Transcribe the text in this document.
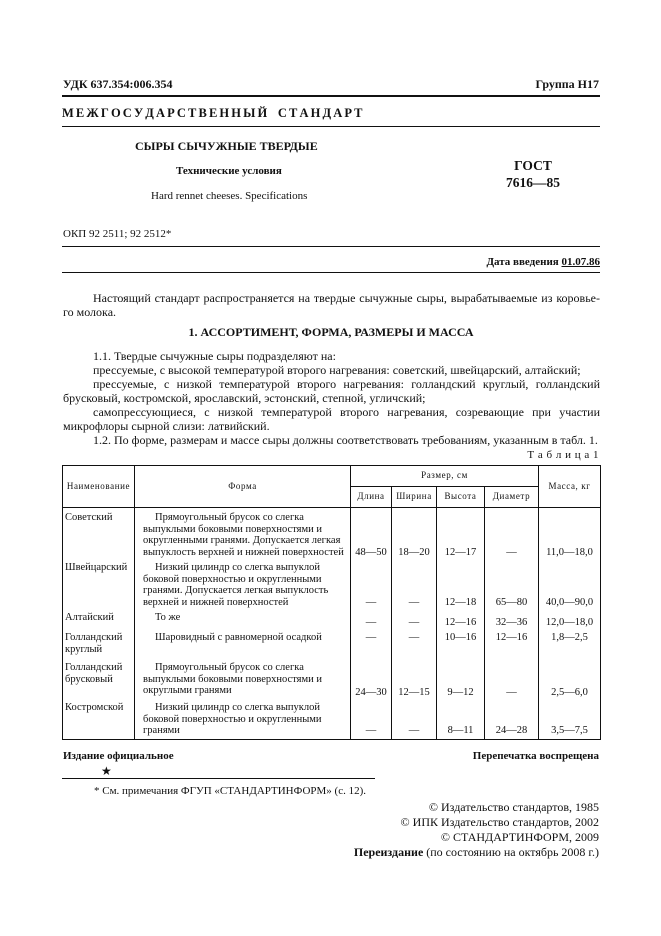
УДК 637.354:006.354	Группа Н17
М Е Ж Г О С У Д А Р С Т В Е Н Н Ы Й     С Т А Н Д А Р Т
СЫРЫ СЫЧУЖНЫЕ ТВЕРДЫЕ
Технические условия
Hard rennet cheeses. Specifications
ГОСТ
7616—85
ОКП 92 2511; 92 2512*
Дата введения 01.07.86
Настоящий стандарт распространяется на твердые сычужные сыры, вырабатываемые из коровье-го молока.
1. АССОРТИМЕНТ, ФОРМА, РАЗМЕРЫ И МАССА
1.1. Твердые сычужные сыры подразделяют на:
прессуемые, с высокой температурой второго нагревания: советский, швейцарский, алтайский;
прессуемые, с низкой температурой второго нагревания: голландский круглый, голландский брусковый, костромской, ярославский, эстонский, степной, угличский;
самопрессующиеся, с низкой температурой второго нагревания, созревающие при участии микрофлоры сырной слизи: латвийский.
1.2. По форме, размерам и массе сыры должны соответствовать требованиям, указанным в табл. 1.
Т а б л и ц а 1
Наименование	Форма	Размер, см				Масса, кг
		Длина	Ширина	Высота	Диаметр	
Советский	Прямоугольный брусок со слегка выпуклыми боковыми поверхностями и округленными гранями. Допускается легкая выпуклость верхней и нижней поверхностей	48—50	18—20	12—17	—	11,0—18,0
Швейцарский	Низкий цилиндр со слегка выпуклой боковой поверхностью и округленными гранями. Допускается легкая выпуклость верхней и нижней поверхностей	—	—	12—18	65—80	40,0—90,0
Алтайский	То же	—	—	12—16	32—36	12,0—18,0
Голландский круглый	Шаровидный с равномерной осадкой	—	—	10—16	12—16	1,8—2,5
Голландский брусковый	Прямоугольный брусок со слегка выпуклыми боковыми поверхностями и округлыми гранями	24—30	12—15	9—12	—	2,5—6,0
Костромской	Низкий цилиндр со слегка выпуклой боковой поверхностью и округленными гранями	—	—	8—11	24—28	3,5—7,5
Издание официальное
★
Перепечатка воспрещена
* См. примечания ФГУП «СТАНДАРТИНФОРМ» (с. 12).
© Издательство стандартов, 1985
© ИПК Издательство стандартов, 2002
© СТАНДАРТИНФОРМ, 2009
Переиздание (по состоянию на октябрь 2008 г.)
